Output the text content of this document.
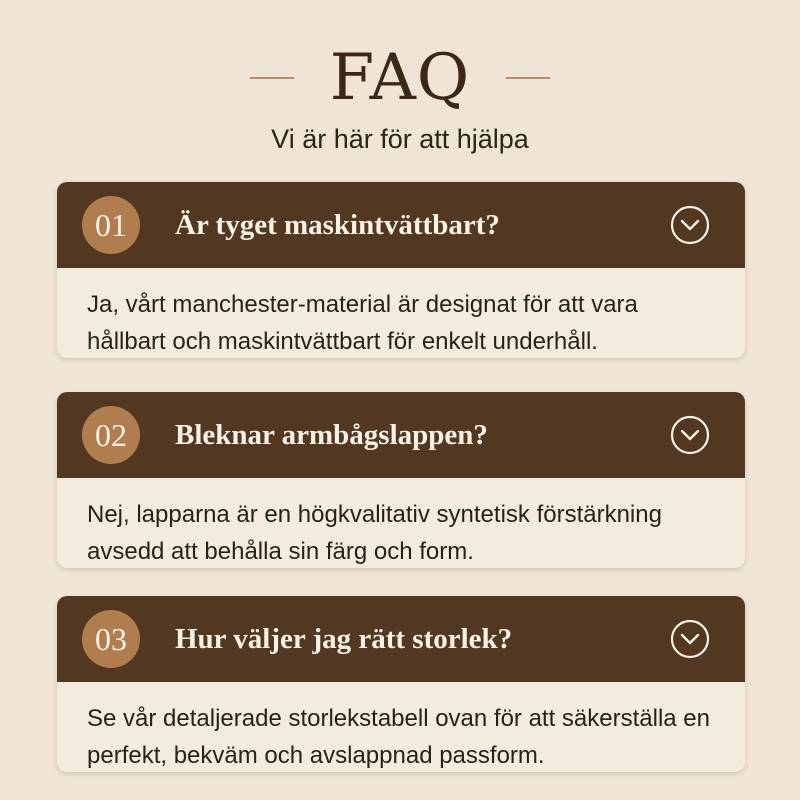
FAQ
Vi är här för att hjälpa
01	Är tyget maskintvättbart?
Ja, vårt manchester-material är designat för att vara hållbart och maskintvättbart för enkelt underhåll.
02	Bleknar armbågslappen?
Nej, lapparna är en högkvalitativ syntetisk förstärkning avsedd att behålla sin färg och form.
03	Hur väljer jag rätt storlek?
Se vår detaljerade storlekstabell ovan för att säkerställa en perfekt, bekväm och avslappnad passform.
